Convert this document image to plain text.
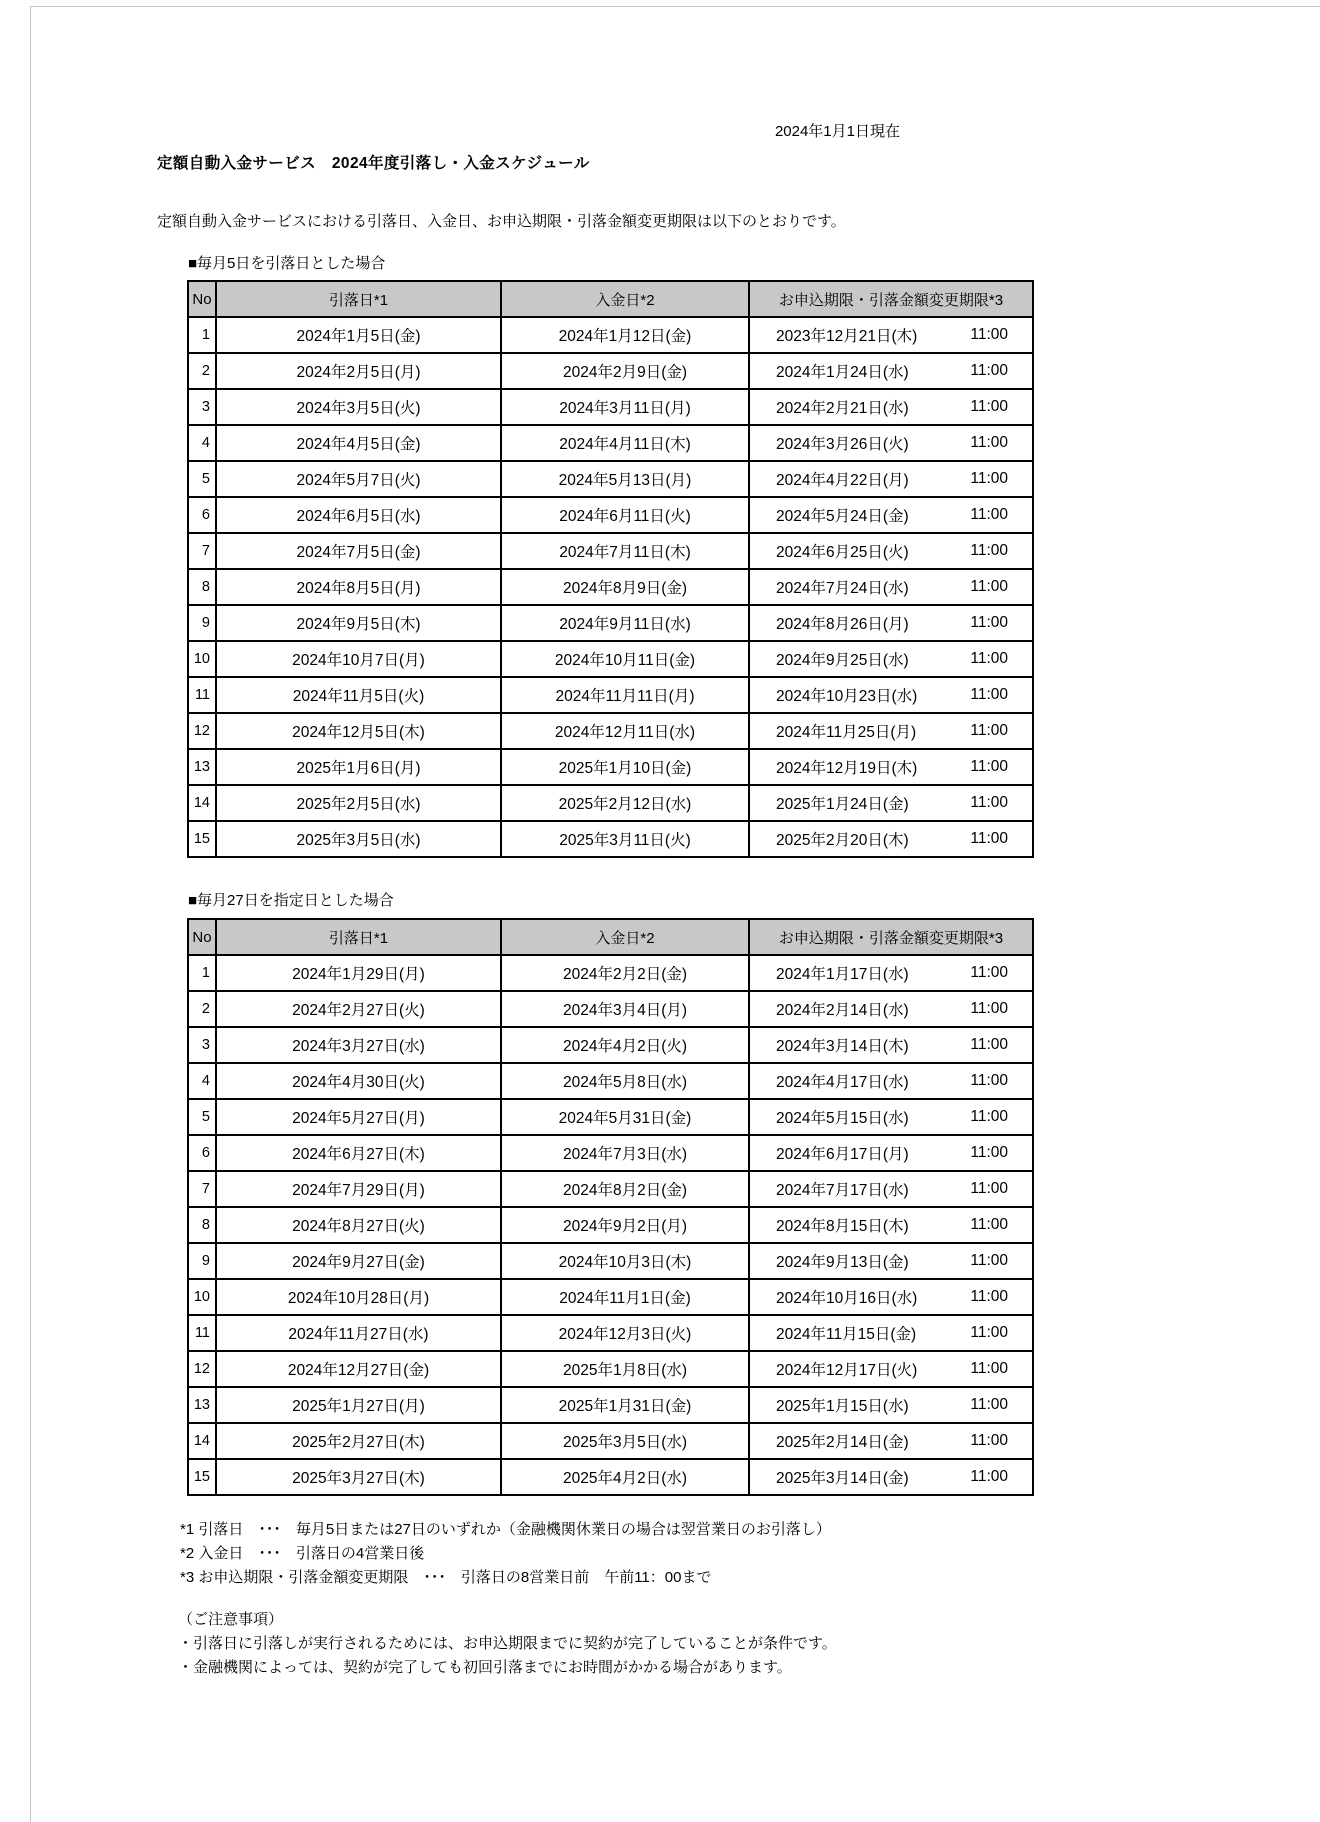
2024年1月1日現在
定額自動入金サービス　2024年度引落し・入金スケジュール
定額自動入金サービスにおける引落日、入金日、お申込期限・引落金額変更期限は以下のとおりです。
■毎月5日を引落日とした場合
No	引落日*1	入金日*2	お申込期限・引落金額変更期限*3
1	2024年1月5日(金)	2024年1月12日(金)	2023年12月21日(木) 11:00

2	2024年2月5日(月)	2024年2月9日(金)	2024年1月24日(水) 11:00

3	2024年3月5日(火)	2024年3月11日(月)	2024年2月21日(水) 11:00

4	2024年4月5日(金)	2024年4月11日(木)	2024年3月26日(火) 11:00

5	2024年5月7日(火)	2024年5月13日(月)	2024年4月22日(月) 11:00

6	2024年6月5日(水)	2024年6月11日(火)	2024年5月24日(金) 11:00

7	2024年7月5日(金)	2024年7月11日(木)	2024年6月25日(火) 11:00

8	2024年8月5日(月)	2024年8月9日(金)	2024年7月24日(水) 11:00

9	2024年9月5日(木)	2024年9月11日(水)	2024年8月26日(月) 11:00

10	2024年10月7日(月)	2024年10月11日(金)	2024年9月25日(水) 11:00

11	2024年11月5日(火)	2024年11月11日(月)	2024年10月23日(水) 11:00

12	2024年12月5日(木)	2024年12月11日(水)	2024年11月25日(月) 11:00

13	2025年1月6日(月)	2025年1月10日(金)	2024年12月19日(木) 11:00

14	2025年2月5日(水)	2025年2月12日(水)	2025年1月24日(金) 11:00

15	2025年3月5日(水)	2025年3月11日(火)	2025年2月20日(木) 11:00
■毎月27日を指定日とした場合
No	引落日*1	入金日*2	お申込期限・引落金額変更期限*3
1	2024年1月29日(月)	2024年2月2日(金)	2024年1月17日(水) 11:00

2	2024年2月27日(火)	2024年3月4日(月)	2024年2月14日(水) 11:00

3	2024年3月27日(水)	2024年4月2日(火)	2024年3月14日(木) 11:00

4	2024年4月30日(火)	2024年5月8日(水)	2024年4月17日(水) 11:00

5	2024年5月27日(月)	2024年5月31日(金)	2024年5月15日(水) 11:00

6	2024年6月27日(木)	2024年7月3日(水)	2024年6月17日(月) 11:00

7	2024年7月29日(月)	2024年8月2日(金)	2024年7月17日(水) 11:00

8	2024年8月27日(火)	2024年9月2日(月)	2024年8月15日(木) 11:00

9	2024年9月27日(金)	2024年10月3日(木)	2024年9月13日(金) 11:00

10	2024年10月28日(月)	2024年11月1日(金)	2024年10月16日(水) 11:00

11	2024年11月27日(水)	2024年12月3日(火)	2024年11月15日(金) 11:00

12	2024年12月27日(金)	2025年1月8日(水)	2024年12月17日(火) 11:00

13	2025年1月27日(月)	2025年1月31日(金)	2025年1月15日(水) 11:00

14	2025年2月27日(木)	2025年3月5日(水)	2025年2月14日(金) 11:00

15	2025年3月27日(木)	2025年4月2日(水)	2025年3月14日(金) 11:00
*1 引落日　･･･　毎月5日または27日のいずれか（金融機関休業日の場合は翌営業日のお引落し）
*2 入金日　･･･　引落日の4営業日後
*3 お申込期限・引落金額変更期限　･･･　引落日の8営業日前　午前11：00まで
（ご注意事項）
・引落日に引落しが実行されるためには、お申込期限までに契約が完了していることが条件です。
・金融機関によっては、契約が完了しても初回引落までにお時間がかかる場合があります。
